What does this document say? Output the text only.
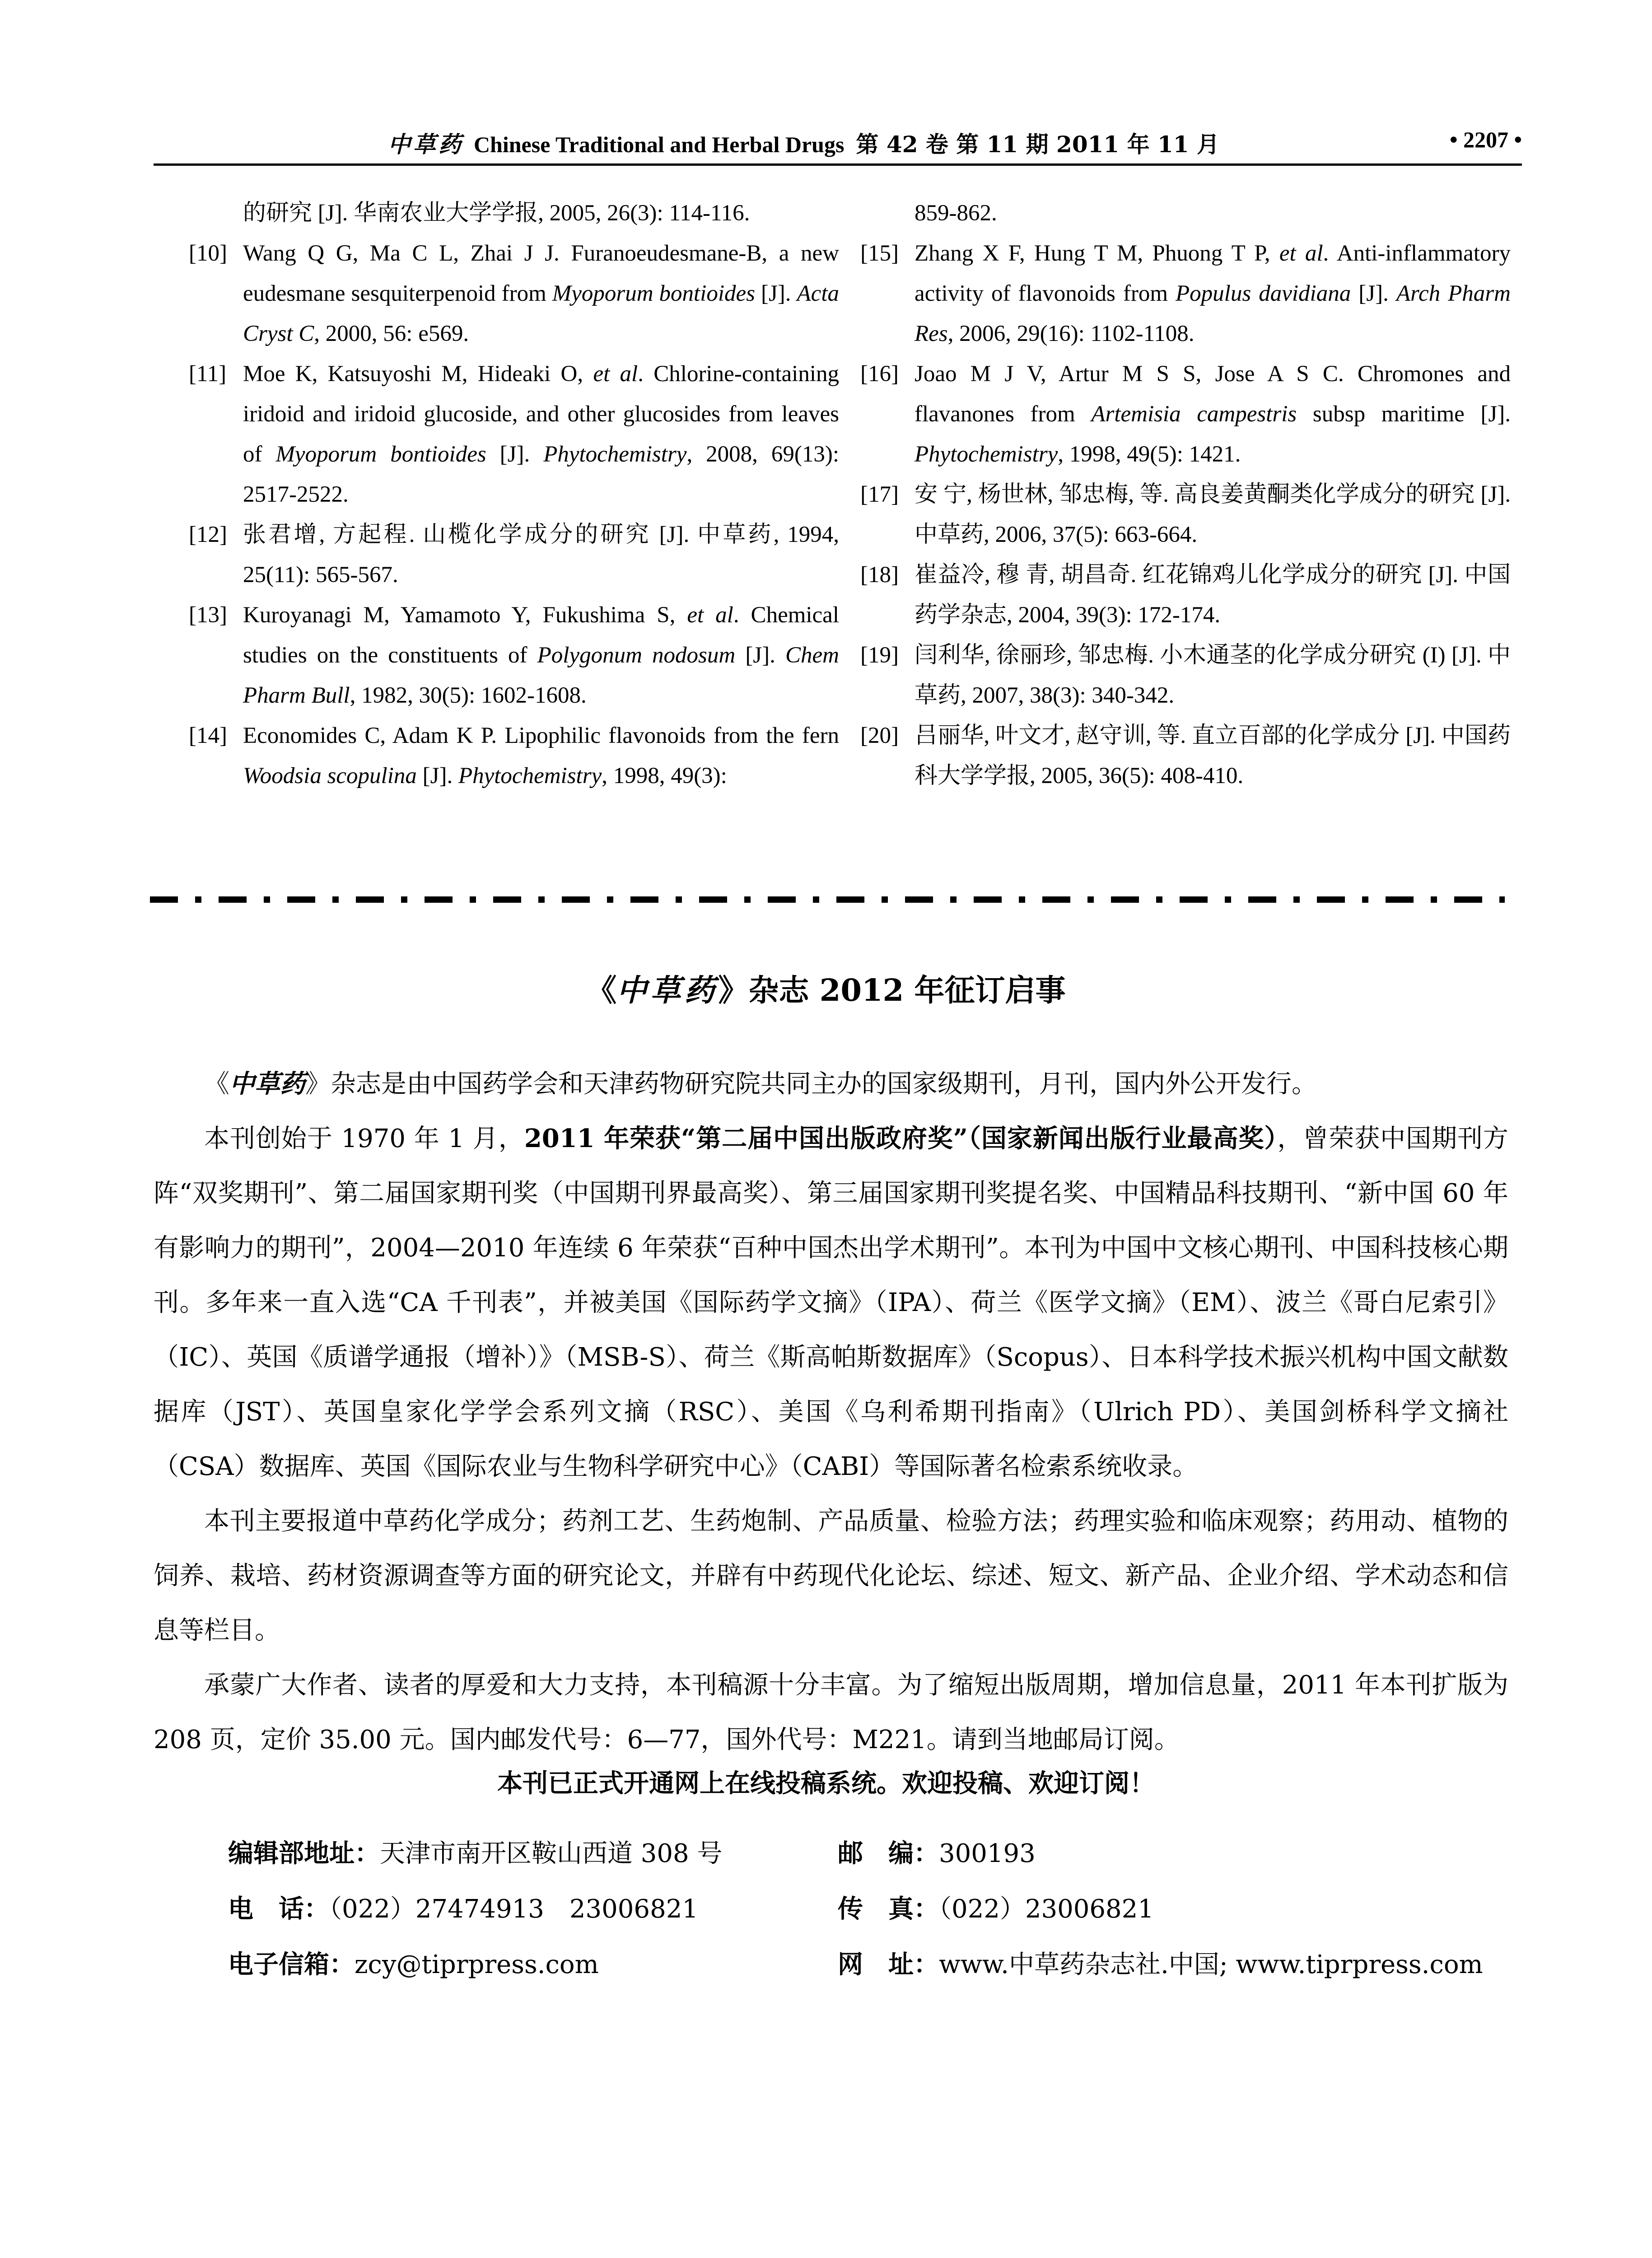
中草药 Chinese Traditional and Herbal Drugs 第 42 卷 第 11 期 2011 年 11 月	• 2207 •
的研究 [J]. 华南农业大学学报, 2005, 26(3): 114-116.
[10] Wang Q G, Ma C L, Zhai J J. Furanoeudesmane-B, a new eudesmane sesquiterpenoid from Myoporum bontioides [J]. Acta Cryst C, 2000, 56: e569.
[11] Moe K, Katsuyoshi M, Hideaki O, et al. Chlorine-containing iridoid and iridoid glucoside, and other glucosides from leaves of Myoporum bontioides [J]. Phytochemistry, 2008, 69(13): 2517-2522.
[12] 张君增, 方起程. 山榄化学成分的研究 [J]. 中草药, 1994, 25(11): 565-567.
[13] Kuroyanagi M, Yamamoto Y, Fukushima S, et al. Chemical studies on the constituents of Polygonum nodosum [J]. Chem Pharm Bull, 1982, 30(5): 1602-1608.
[14] Economides C, Adam K P. Lipophilic flavonoids from the fern Woodsia scopulina [J]. Phytochemistry, 1998, 49(3):
859-862.
[15] Zhang X F, Hung T M, Phuong T P, et al. Anti-inflammatory activity of flavonoids from Populus davidiana [J]. Arch Pharm Res, 2006, 29(16): 1102-1108.
[16] Joao M J V, Artur M S S, Jose A S C. Chromones and flavanones from Artemisia campestris subsp maritime [J]. Phytochemistry, 1998, 49(5): 1421.
[17] 安 宁, 杨世林, 邹忠梅, 等. 高良姜黄酮类化学成分的研究 [J]. 中草药, 2006, 37(5): 663-664.
[18] 崔益冷, 穆 青, 胡昌奇. 红花锦鸡儿化学成分的研究 [J]. 中国药学杂志, 2004, 39(3): 172-174.
[19] 闫利华, 徐丽珍, 邹忠梅. 小木通茎的化学成分研究 (I) [J]. 中草药, 2007, 38(3): 340-342.
[20] 吕丽华, 叶文才, 赵守训, 等. 直立百部的化学成分 [J]. 中国药科大学学报, 2005, 36(5): 408-410.
《中草药》杂志 2012 年征订启事

《中草药》杂志是由中国药学会和天津药物研究院共同主办的国家级期刊，月刊，国内外公开发行。

本刊创始于 1970 年 1 月，2011 年荣获“第二届中国出版政府奖”（国家新闻出版行业最高奖），曾荣获中国期刊方阵“双奖期刊”、第二届国家期刊奖（中国期刊界最高奖）、第三届国家期刊奖提名奖、中国精品科技期刊、“新中国 60 年有影响力的期刊”，2004—2010 年连续 6 年荣获“百种中国杰出学术期刊”。本刊为中国中文核心期刊、中国科技核心期刊。多年来一直入选“CA 千刊表”，并被美国《国际药学文摘》（IPA）、荷兰《医学文摘》（EM）、波兰《哥白尼索引》（IC）、英国《质谱学通报（增补）》（MSB-S）、荷兰《斯高帕斯数据库》（Scopus）、日本科学技术振兴机构中国文献数据库（JST）、英国皇家化学学会系列文摘（RSC）、美国《乌利希期刊指南》（Ulrich PD）、美国剑桥科学文摘社（CSA）数据库、英国《国际农业与生物科学研究中心》（CABI）等国际著名检索系统收录。

本刊主要报道中草药化学成分；药剂工艺、生药炮制、产品质量、检验方法；药理实验和临床观察；药用动、植物的饲养、栽培、药材资源调查等方面的研究论文，并辟有中药现代化论坛、综述、短文、新产品、企业介绍、学术动态和信息等栏目。

承蒙广大作者、读者的厚爱和大力支持，本刊稿源十分丰富。为了缩短出版周期，增加信息量，2011 年本刊扩版为 208 页，定价 35.00 元。国内邮发代号：6—77，国外代号：M221。请到当地邮局订阅。

本刊已正式开通网上在线投稿系统。欢迎投稿、欢迎订阅！
编辑部地址：天津市南开区鞍山西道 308 号	邮　编：300193
电　话：（022）27474913　23006821	传　真：（022）23006821
电子信箱：zcy@tiprpress.com	网　址：www.中草药杂志社.中国; www.tiprpress.com
